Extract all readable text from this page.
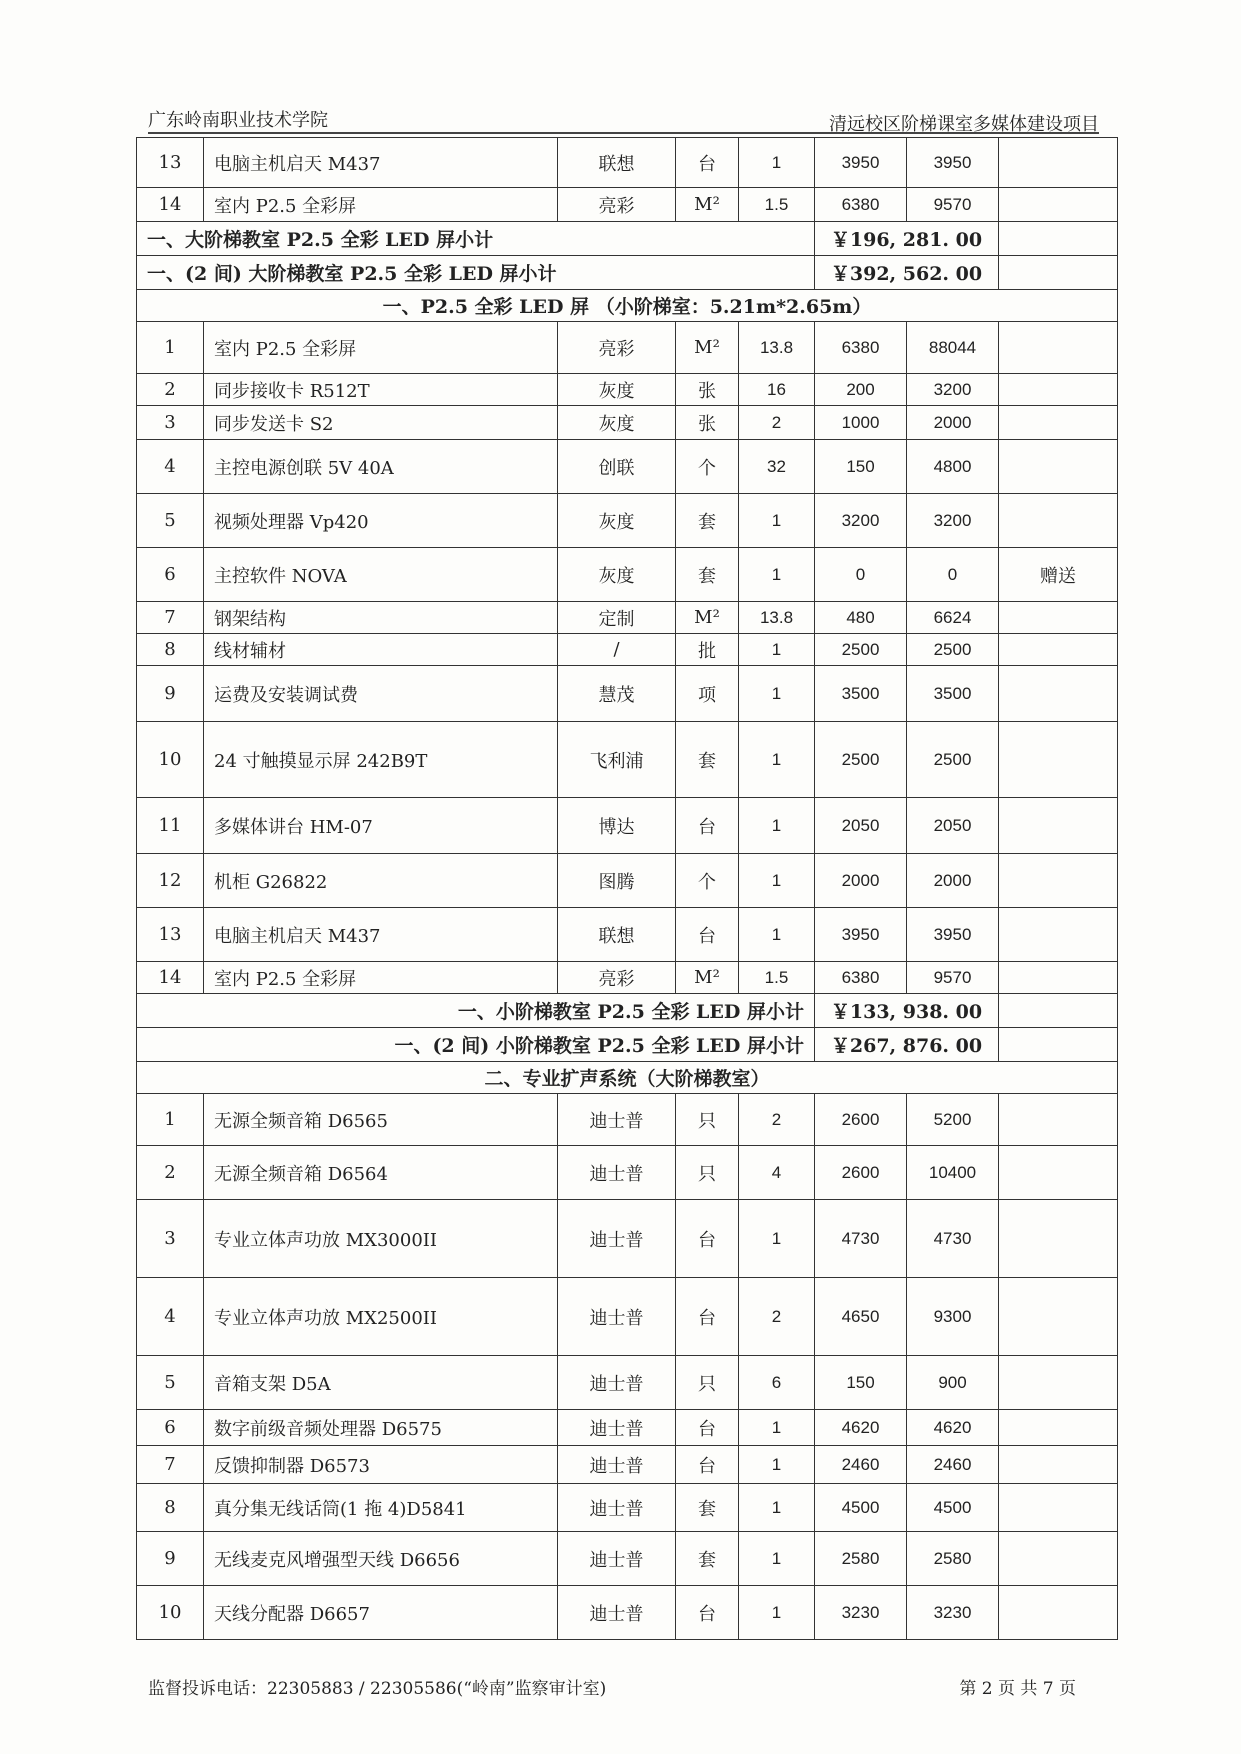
广东岭南职业技术学院	清远校区阶梯课室多媒体建设项目
13	电脑主机启天 M437	联想	台	1	3950	3950	
14	室内 P2.5 全彩屏	亮彩	M²	1.5	6380	9570	
一、大阶梯教室 P2.5 全彩 LED 屏小计					￥196, 281. 00		
一、(2 间) 大阶梯教室 P2.5 全彩 LED 屏小计					￥392, 562. 00		
一、P2.5 全彩 LED 屏 （小阶梯室：5.21m*2.65m）							
1	室内 P2.5 全彩屏	亮彩	M²	13.8	6380	88044	
2	同步接收卡 R512T	灰度	张	16	200	3200	
3	同步发送卡 S2	灰度	张	2	1000	2000	
4	主控电源创联 5V 40A	创联	个	32	150	4800	
5	视频处理器 Vp420	灰度	套	1	3200	3200	
6	主控软件 NOVA	灰度	套	1	0	0	赠送
7	钢架结构	定制	M²	13.8	480	6624	
8	线材辅材	/	批	1	2500	2500	
9	运费及安装调试费	慧茂	项	1	3500	3500	
10	24 寸触摸显示屏 242B9T	飞利浦	套	1	2500	2500	
11	多媒体讲台 HM-07	博达	台	1	2050	2050	
12	机柜 G26822	图腾	个	1	2000	2000	
13	电脑主机启天 M437	联想	台	1	3950	3950	
14	室内 P2.5 全彩屏	亮彩	M²	1.5	6380	9570	
一、小阶梯教室 P2.5 全彩 LED 屏小计					￥133, 938. 00		
一、(2 间) 小阶梯教室 P2.5 全彩 LED 屏小计					￥267, 876. 00		
二、专业扩声系统（大阶梯教室）							
1	无源全频音箱 D6565	迪士普	只	2	2600	5200	
2	无源全频音箱 D6564	迪士普	只	4	2600	10400	
3	专业立体声功放 MX3000II	迪士普	台	1	4730	4730	
4	专业立体声功放 MX2500II	迪士普	台	2	4650	9300	
5	音箱支架 D5A	迪士普	只	6	150	900	
6	数字前级音频处理器 D6575	迪士普	台	1	4620	4620	
7	反馈抑制器 D6573	迪士普	台	1	2460	2460	
8	真分集无线话筒(1 拖 4)D5841	迪士普	套	1	4500	4500	
9	无线麦克风增强型天线 D6656	迪士普	套	1	2580	2580	
10	天线分配器 D6657	迪士普	台	1	3230	3230	
监督投诉电话：22305883 / 22305586(“岭南”监察审计室)	第 2 页 共 7 页
